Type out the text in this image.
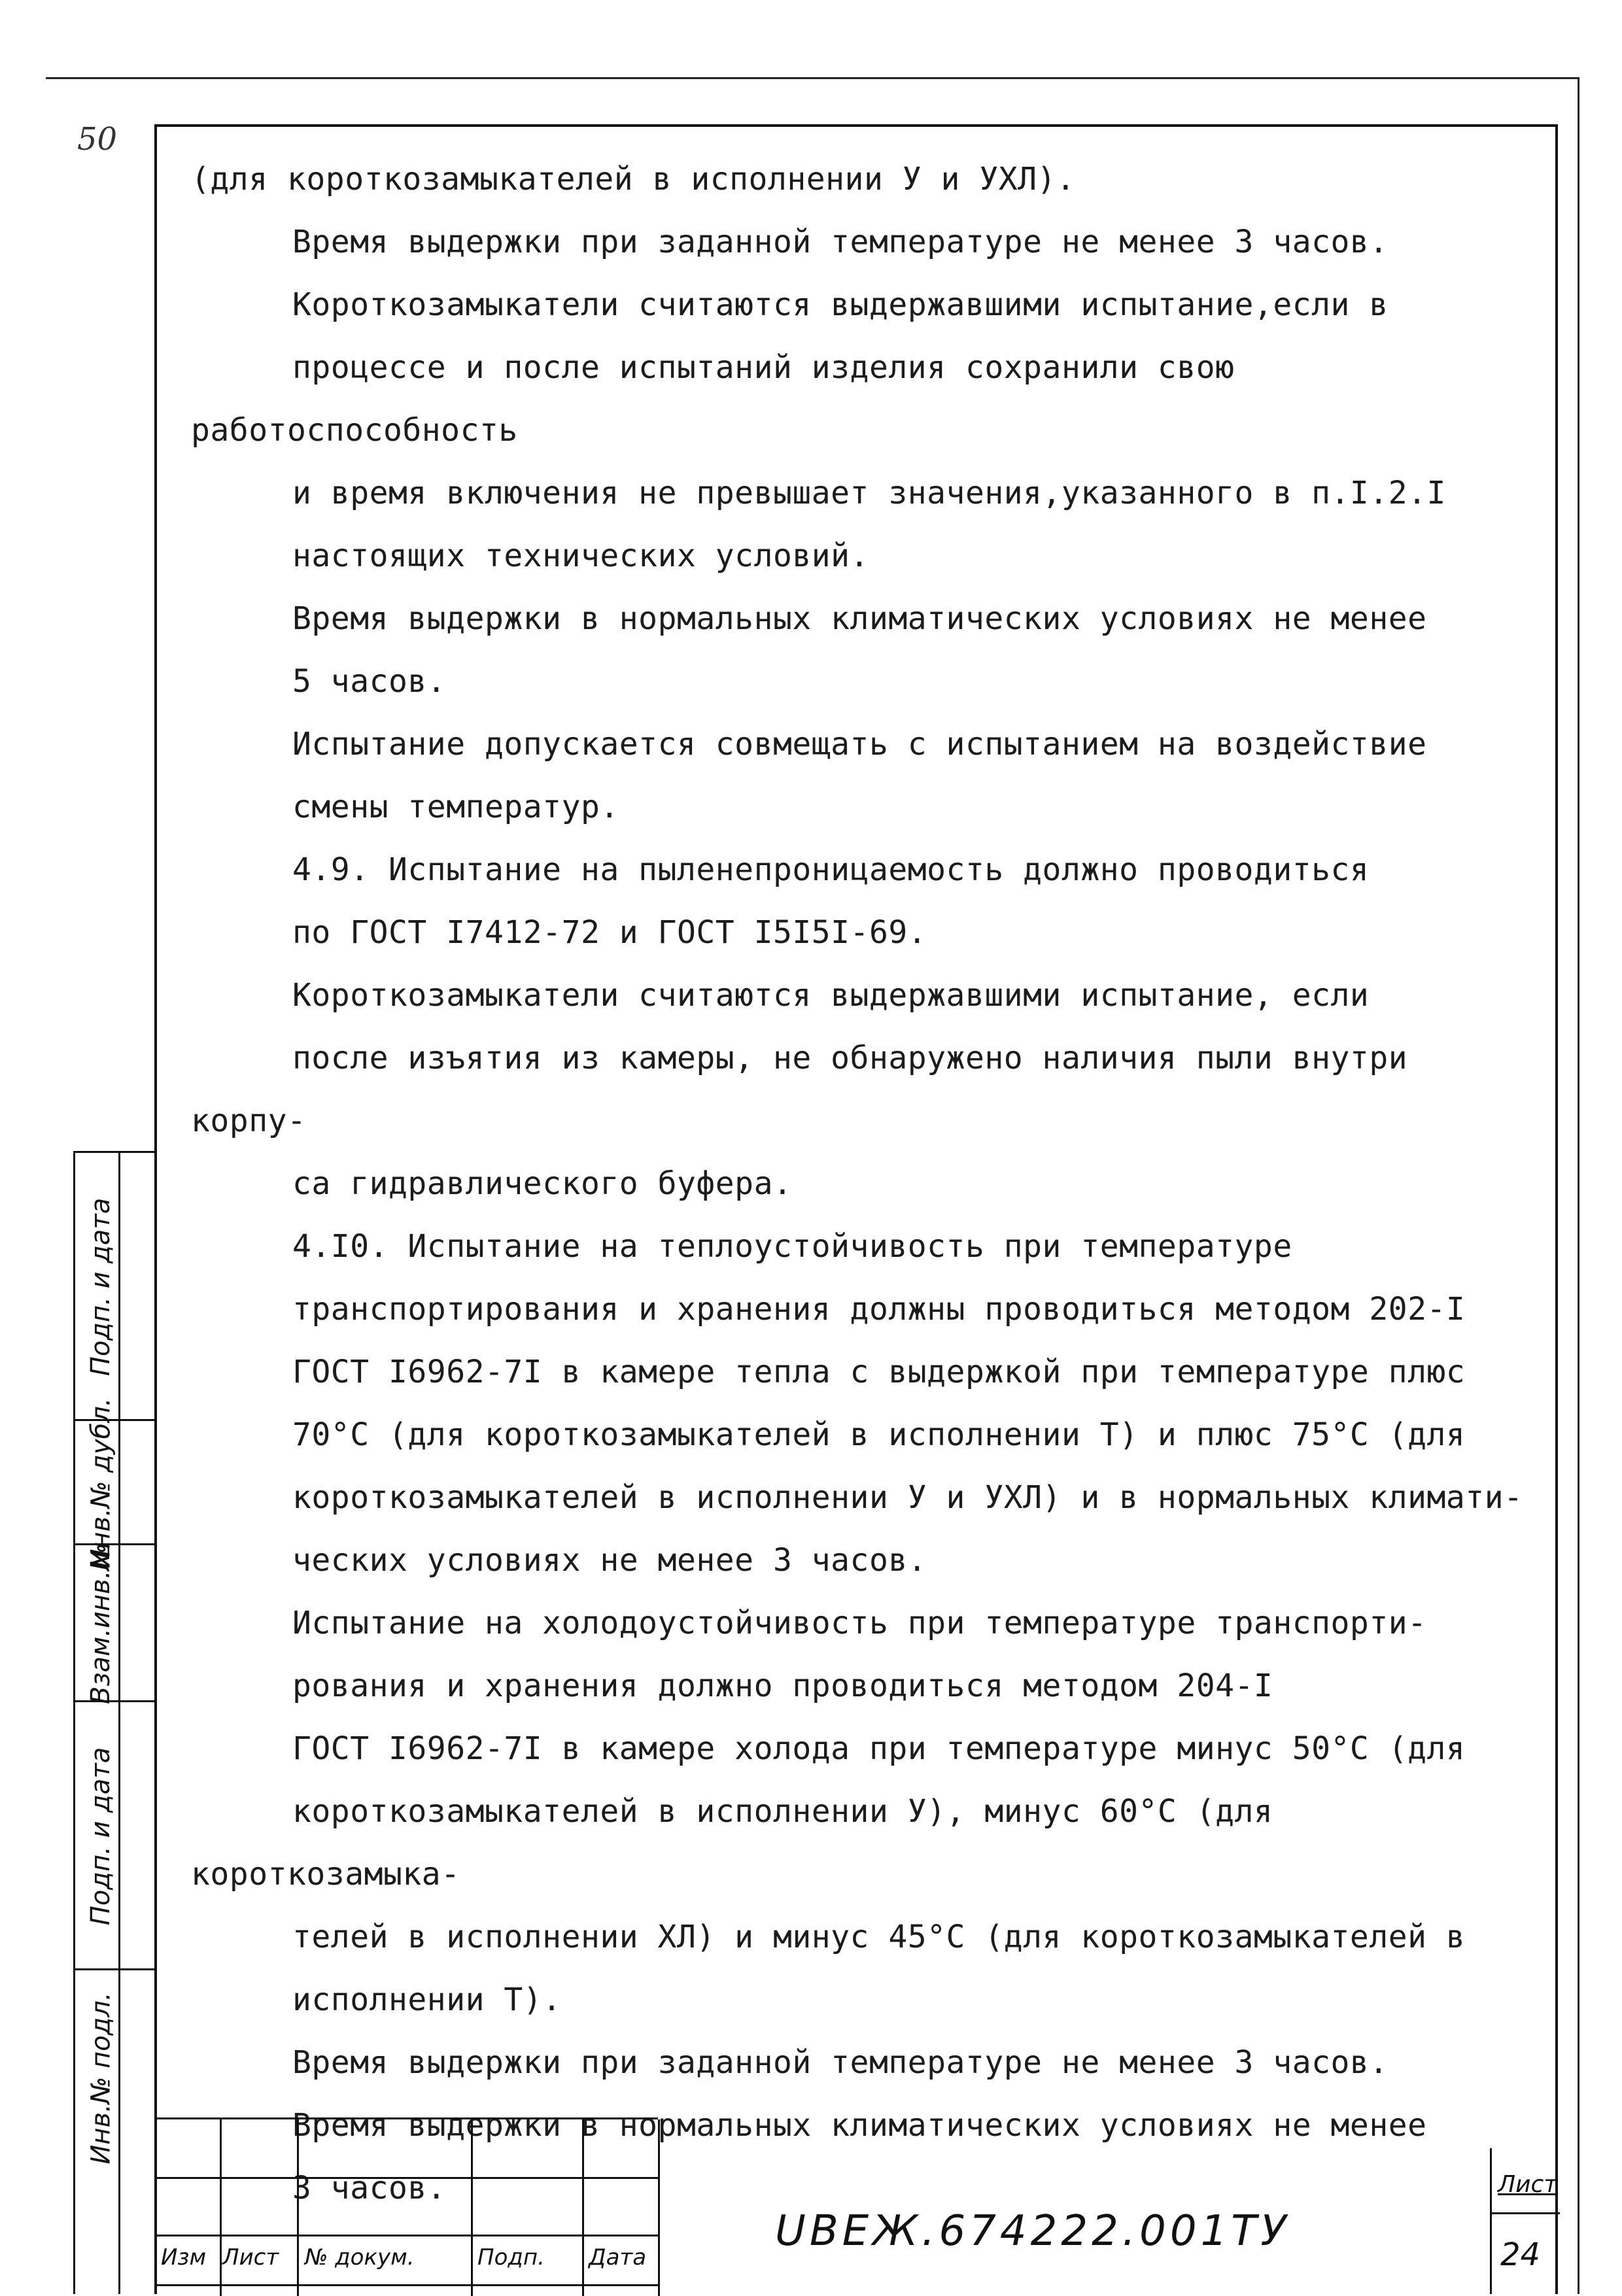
50
(для короткозамыкателей в исполнении У и УХЛ).
Время выдержки при заданной температуре не менее 3 часов.
Короткозамыкатели считаются выдержавшими испытание,если в
процессе и после испытаний изделия сохранили свою работоспособность
и время включения не превышает значения,указанного в п.I.2.I
настоящих технических условий.
Время выдержки в нормальных климатических условиях не менее
5 часов.
Испытание допускается совмещать с испытанием на воздействие
смены температур.
4.9. Испытание на пыленепроницаемость должно проводиться
по ГОСТ I7412-72 и ГОСТ I5I5I-69.
Короткозамыкатели считаются выдержавшими испытание, если
после изъятия из камеры, не обнаружено наличия пыли внутри корпу-
са гидравлического буфера.
4.I0. Испытание на теплоустойчивость при температуре
транспортирования и хранения должны проводиться методом 202-I
ГОСТ I6962-7I в камере тепла с выдержкой при температуре плюс
70°С (для короткозамыкателей в исполнении Т) и плюс 75°С (для
короткозамыкателей в исполнении У и УХЛ) и в нормальных климати-
ческих условиях не менее 3 часов.
Испытание на холодоустойчивость при температуре транспорти-
рования и хранения должно проводиться методом 204-I
ГОСТ I6962-7I в камере холода при температуре минус 50°С (для
короткозамыкателей в исполнении У), минус 60°С (для короткозамыка-
телей в исполнении ХЛ) и минус 45°С (для короткозамыкателей в
исполнении Т).
Время выдержки при заданной температуре не менее 3 часов.
Время выдержки в нормальных климатических условиях не менее
3 часов.
Подп. и дата
Инв.№ дубл.
Взам.инв.№
Подп. и дата
Инв.№ подл.
Изм Лист № докум.	Подп. Дата
UBEЖ.674222.001ТУ
Лист
24
